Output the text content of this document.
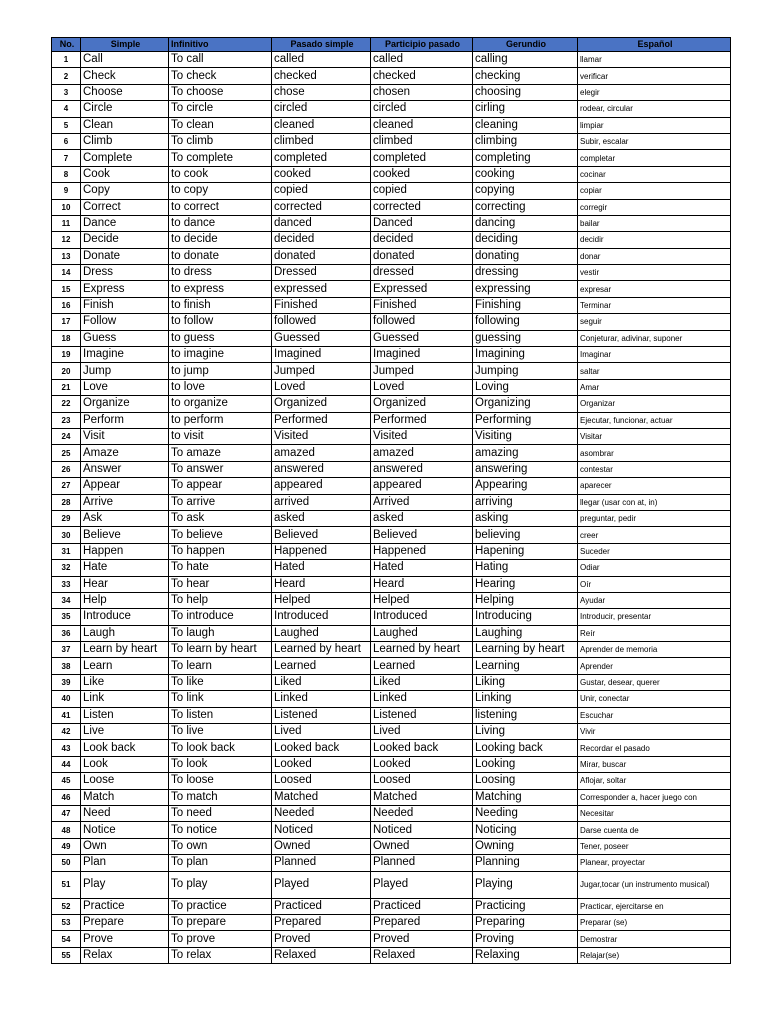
No.	Simple	Infinitivo	Pasado simple	Participio pasado	Gerundio	Español
1	Call	To call	called	called	calling	llamar
2	Check	To check	checked	checked	checking	verificar
3	Choose	To choose	chose	chosen	choosing	elegir
4	Circle	To circle	circled	circled	cirling	rodear, circular
5	Clean	To clean	cleaned	cleaned	cleaning	limpiar
6	Climb	To climb	climbed	climbed	climbing	Subir, escalar
7	Complete	To complete	completed	completed	completing	completar
8	Cook	to cook	cooked	cooked	cooking	cocinar
9	Copy	to copy	copied	copied	copying	copiar
10	Correct	to correct	corrected	corrected	correcting	corregir
11	Dance	to dance	danced	Danced	dancing	bailar
12	Decide	to decide	decided	decided	deciding	decidir
13	Donate	to donate	donated	donated	donating	donar
14	Dress	to dress	Dressed	dressed	dressing	vestir
15	Express	to express	expressed	Expressed	expressing	expresar
16	Finish	to finish	Finished	Finished	Finishing	Terminar
17	Follow	to follow	followed	followed	following	seguir
18	Guess	to guess	Guessed	Guessed	guessing	Conjeturar, adivinar, suponer
19	Imagine	to imagine	Imagined	Imagined	Imagining	Imaginar
20	Jump	to jump	Jumped	Jumped	Jumping	saltar
21	Love	to love	Loved	Loved	Loving	Amar
22	Organize	to organize	Organized	Organized	Organizing	Organizar
23	Perform	to perform	Performed	Performed	Performing	Ejecutar, funcionar, actuar
24	Visit	to visit	Visited	Visited	Visiting	Visitar
25	Amaze	To amaze	amazed	amazed	amazing	asombrar
26	Answer	To answer	answered	answered	answering	contestar
27	Appear	To appear	appeared	appeared	Appearing	aparecer
28	Arrive	To arrive	arrived	Arrived	arriving	llegar (usar con at, in)
29	Ask	To ask	asked	asked	asking	preguntar, pedir
30	Believe	To believe	Believed	Believed	believing	creer
31	Happen	To happen	Happened	Happened	Hapening	Suceder
32	Hate	To hate	Hated	Hated	Hating	Odiar
33	Hear	To hear	Heard	Heard	Hearing	Oír
34	Help	To help	Helped	Helped	Helping	Ayudar
35	Introduce	To introduce	Introduced	Introduced	Introducing	Introducir, presentar
36	Laugh	To laugh	Laughed	Laughed	Laughing	Reír
37	Learn by heart	To learn by heart	Learned by heart	Learned by heart	Learning by heart	Aprender de memoria
38	Learn	To learn	Learned	Learned	Learning	Aprender
39	Like	To like	Liked	Liked	Liking	Gustar, desear, querer
40	Link	To link	Linked	Linked	Linking	Unir, conectar
41	Listen	To listen	Listened	Listened	listening	Escuchar
42	Live	To live	Lived	Lived	Living	Vivir
43	Look back	To look back	Looked back	Looked back	Looking back	Recordar el pasado
44	Look	To look	Looked	Looked	Looking	Mirar, buscar
45	Loose	To loose	Loosed	Loosed	Loosing	Aflojar, soltar
46	Match	To match	Matched	Matched	Matching	Corresponder a, hacer juego con
47	Need	To need	Needed	Needed	Needing	Necesitar
48	Notice	To notice	Noticed	Noticed	Noticing	Darse cuenta de
49	Own	To own	Owned	Owned	Owning	Tener, poseer
50	Plan	To plan	Planned	Planned	Planning	Planear, proyectar
51	Play	To play	Played	Played	Playing	Jugar,tocar (un instrumento musical)
52	Practice	To practice	Practiced	Practiced	Practicing	Practicar, ejercitarse en
53	Prepare	To prepare	Prepared	Prepared	Preparing	Preparar (se)
54	Prove	To prove	Proved	Proved	Proving	Demostrar
55	Relax	To relax	Relaxed	Relaxed	Relaxing	Relajar(se)
